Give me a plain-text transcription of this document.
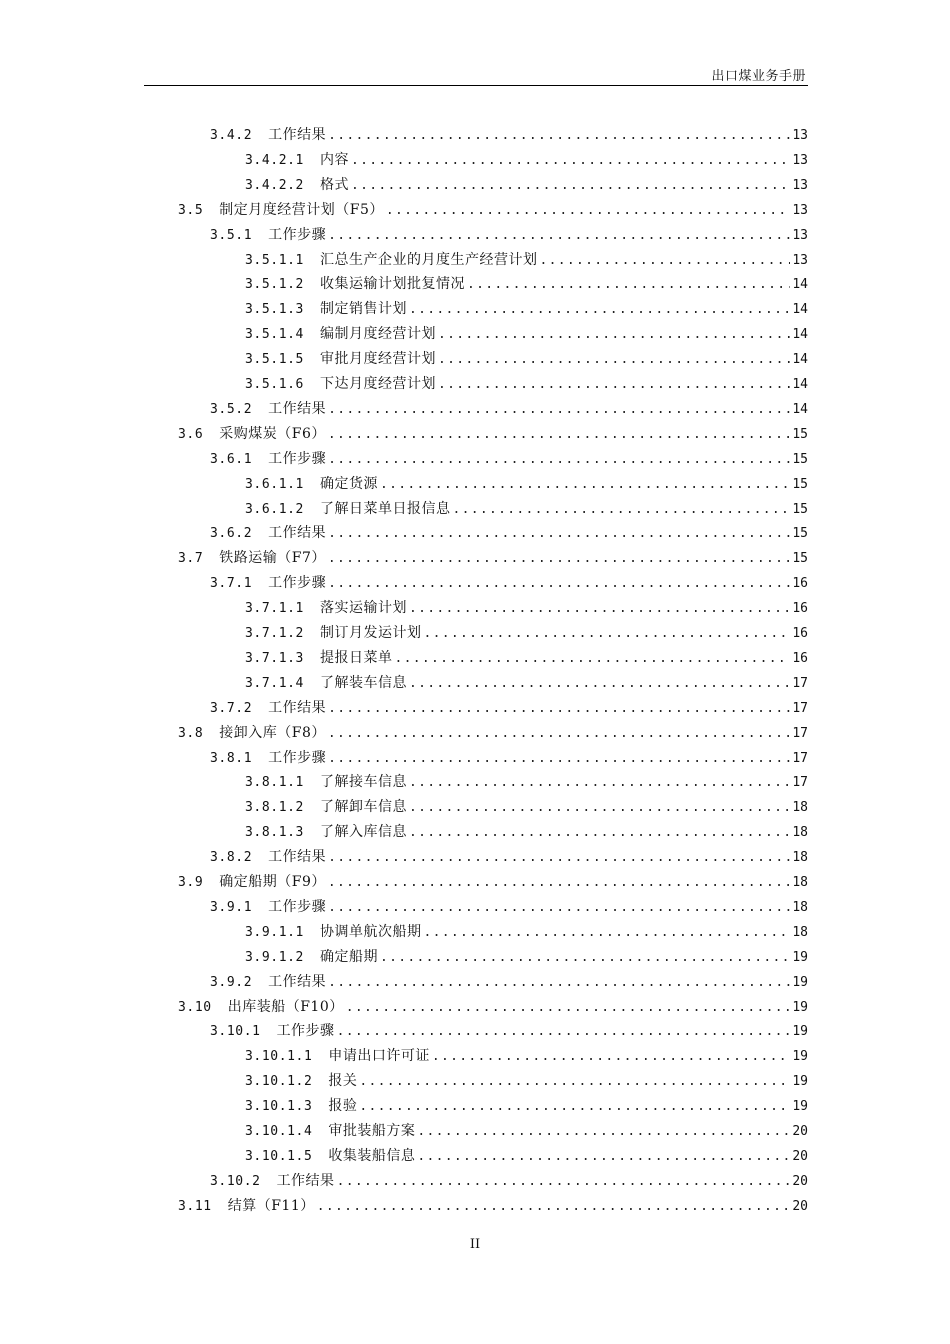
出口煤业务手册
3.4.2 工作结果 .....	13
3.4.2.1 内容 .....	13
3.4.2.2 格式 .....	13
3.5 制定月度经营计划（F5） .....	13
3.5.1 工作步骤 .....	13
3.5.1.1 汇总生产企业的月度生产经营计划 .....	13
3.5.1.2 收集运输计划批复情况 .....	14
3.5.1.3 制定销售计划 .....	14
3.5.1.4 编制月度经营计划 .....	14
3.5.1.5 审批月度经营计划 .....	14
3.5.1.6 下达月度经营计划 .....	14
3.5.2 工作结果 .....	14
3.6 采购煤炭（F6） .....	15
3.6.1 工作步骤 .....	15
3.6.1.1 确定货源 .....	15
3.6.1.2 了解日菜单日报信息 .....	15
3.6.2 工作结果 .....	15
3.7 铁路运输（F7） .....	15
3.7.1 工作步骤 .....	16
3.7.1.1 落实运输计划 .....	16
3.7.1.2 制订月发运计划 .....	16
3.7.1.3 提报日菜单 .....	16
3.7.1.4 了解装车信息 .....	17
3.7.2 工作结果 .....	17
3.8 接卸入库（F8） .....	17
3.8.1 工作步骤 .....	17
3.8.1.1 了解接车信息 .....	17
3.8.1.2 了解卸车信息 .....	18
3.8.1.3 了解入库信息 .....	18
3.8.2 工作结果 .....	18
3.9 确定船期（F9） .....	18
3.9.1 工作步骤 .....	18
3.9.1.1 协调单航次船期 .....	18
3.9.1.2 确定船期 .....	19
3.9.2 工作结果 .....	19
3.10 出库装船（F10） .....	19
3.10.1 工作步骤 .....	19
3.10.1.1 申请出口许可证 .....	19
3.10.1.2 报关 .....	19
3.10.1.3 报验 .....	19
3.10.1.4 审批装船方案 .....	20
3.10.1.5 收集装船信息 .....	20
3.10.2 工作结果 .....	20
3.11 结算（F11） .....	20
II
